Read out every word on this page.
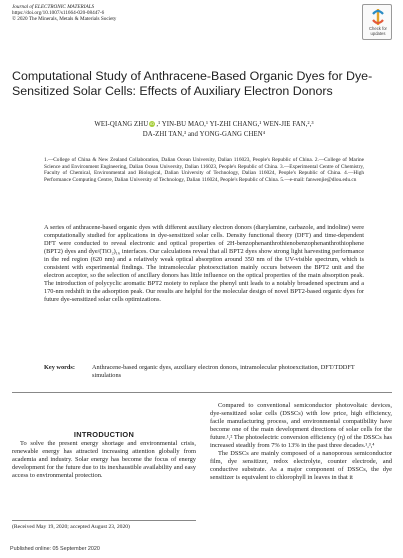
Journal of ELECTRONIC MATERIALS
https://doi.org/10.1007/s11664-020-08447-6
© 2020 The Minerals, Metals & Materials Society
Check for updates
Computational Study of Anthracene-Based Organic Dyes for Dye-Sensitized Solar Cells: Effects of Auxiliary Electron Donors
WEI-QIANG ZHU iD ,¹ YIN-BU MAO,¹ YI-ZHI CHANG,¹ WEN-JIE FAN,²,³
DA-ZHI TAN,³ and YONG-GANG CHEN⁴
1.—College of China & New Zealand Collaboration, Dalian Ocean University, Dalian 116023, People's Republic of China. 2.—College of Marine Science and Environment Engineering, Dalian Ocean University, Dalian 116023, People's Republic of China. 3.—Experimental Centre of Chemistry, Faculty of Chemical, Environmental and Biological, Dalian University of Technology, Dalian 116024, People's Republic of China. 4.—High Performance Computing Centre, Dalian University of Technology, Dalian 116024, People's Republic of China. 5.—e-mail: fanwenjie@dlou.edu.cn

A series of anthracene-based organic dyes with different auxiliary electron donors (diarylamine, carbazole, and indoline) were computationally studied for applications in dye-sensitized solar cells. Density functional theory (DFT) and time-dependent DFT were conducted to reveal electronic and optical properties of 2H-benzophenanthrothienobenzophenanthrothiophene (BPT2) dyes and dye/(TiO₂)₁₆ interfaces. Our calculations reveal that all BPT2 dyes show strong light harvesting performance in the red region (620 nm) and a relatively weak optical absorption around 350 nm of the UV-visible spectrum, which is consistent with experimental findings. The intramolecular photoexcitation mainly occurs between the BPT2 unit and the electron acceptor, so the selection of ancillary donors has little influence on the optical properties of the main absorption peak. The introduction of polycyclic aromatic BPT2 moiety to replace the phenyl unit leads to a notably broadened spectrum and a 170-nm redshift in the adsorption peak. Our results are helpful for the molecular design of novel BPT2-based organic dyes for future dye-sensitized solar cells optimizations.

Key words:	Anthracene-based organic dyes, auxiliary electron donors, intramolecular photoexcitation, DFT/TDDFT simulations
INTRODUCTION

To solve the present energy shortage and environmental crisis, renewable energy has attracted increasing attention globally from academia and industry. Solar energy has become the focus of energy development for the future due to its inexhaustible availability and easy access to environmental protection.

(Received May 19, 2020; accepted August 23, 2020)

Compared to conventional semiconductor photovoltaic devices, dye-sensitized solar cells (DSSCs) with low price, high efficiency, facile manufacturing process, and environmental compatibility have become one of the main development directions of solar cells for the future.¹,² The photoelectric conversion efficiency (η) of the DSSCs has increased steadily from 7% to 13% in the past three decades.¹,³,⁴

The DSSCs are mainly composed of a nanoporous semiconductor film, dye sensitizer, redox electrolyte, counter electrode, and conductive substrate. As a major component of DSSCs, the dye sensitizer is equivalent to chlorophyll in leaves in that it

Published online: 05 September 2020
